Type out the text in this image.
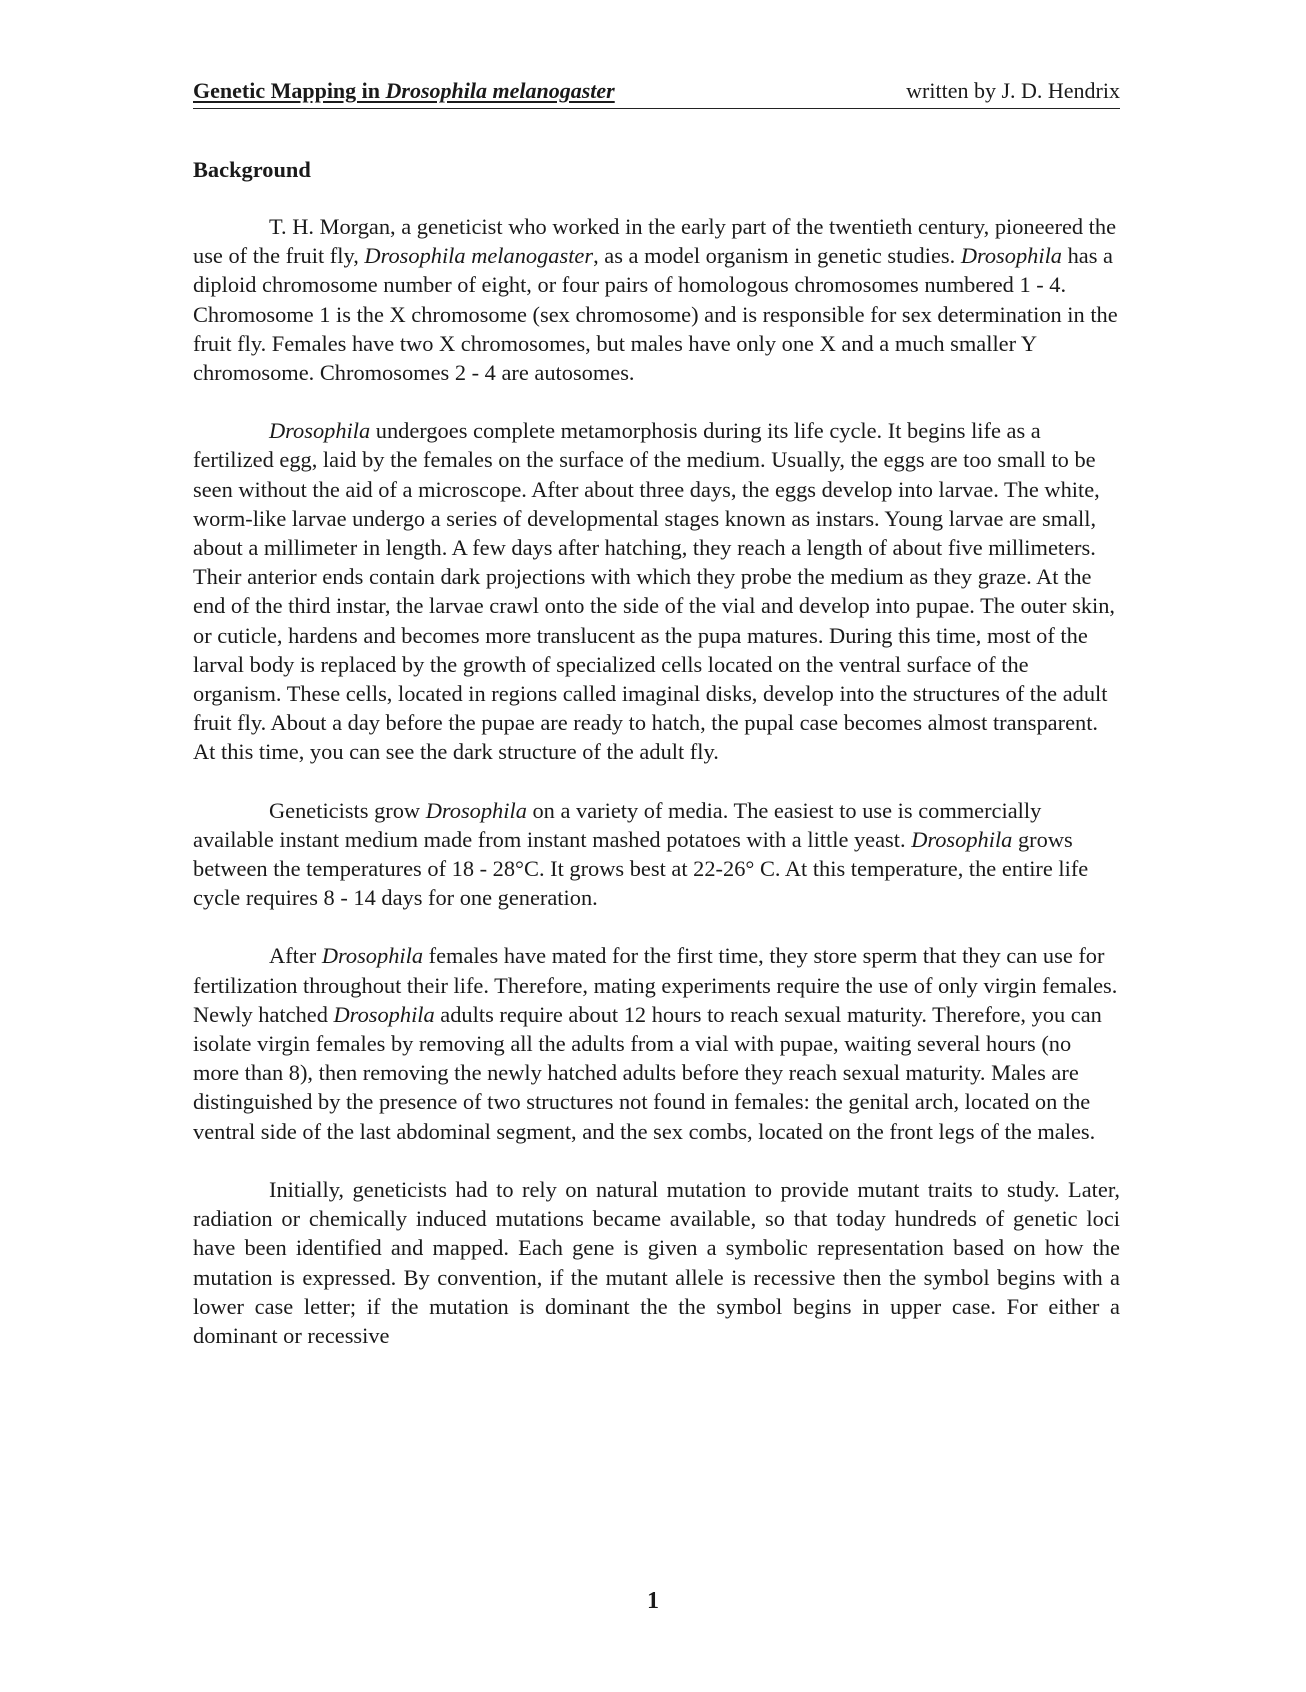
Genetic Mapping in Drosophila melanogaster	written by J. D. Hendrix
Background

T. H. Morgan, a geneticist who worked in the early part of the twentieth century, pioneered the use of the fruit fly, Drosophila melanogaster, as a model organism in genetic studies. Drosophila has a diploid chromosome number of eight, or four pairs of homologous chromosomes numbered 1 - 4. Chromosome 1 is the X chromosome (sex chromosome) and is responsible for sex determination in the fruit fly. Females have two X chromosomes, but males have only one X and a much smaller Y chromosome. Chromosomes 2 - 4 are autosomes.

Drosophila undergoes complete metamorphosis during its life cycle. It begins life as a fertilized egg, laid by the females on the surface of the medium. Usually, the eggs are too small to be seen without the aid of a microscope. After about three days, the eggs develop into larvae. The white, worm-like larvae undergo a series of developmental stages known as instars. Young larvae are small, about a millimeter in length. A few days after hatching, they reach a length of about five millimeters. Their anterior ends contain dark projections with which they probe the medium as they graze. At the end of the third instar, the larvae crawl onto the side of the vial and develop into pupae. The outer skin, or cuticle, hardens and becomes more translucent as the pupa matures. During this time, most of the larval body is replaced by the growth of specialized cells located on the ventral surface of the organism. These cells, located in regions called imaginal disks, develop into the structures of the adult fruit fly. About a day before the pupae are ready to hatch, the pupal case becomes almost transparent. At this time, you can see the dark structure of the adult fly.

Geneticists grow Drosophila on a variety of media. The easiest to use is commercially available instant medium made from instant mashed potatoes with a little yeast. Drosophila grows between the temperatures of 18 - 28°C. It grows best at 22-26° C. At this temperature, the entire life cycle requires 8 - 14 days for one generation.

After Drosophila females have mated for the first time, they store sperm that they can use for fertilization throughout their life. Therefore, mating experiments require the use of only virgin females. Newly hatched Drosophila adults require about 12 hours to reach sexual maturity. Therefore, you can isolate virgin females by removing all the adults from a vial with pupae, waiting several hours (no more than 8), then removing the newly hatched adults before they reach sexual maturity. Males are distinguished by the presence of two structures not found in females: the genital arch, located on the ventral side of the last abdominal segment, and the sex combs, located on the front legs of the males.

Initially, geneticists had to rely on natural mutation to provide mutant traits to study. Later, radiation or chemically induced mutations became available, so that today hundreds of genetic loci have been identified and mapped. Each gene is given a symbolic representation based on how the mutation is expressed. By convention, if the mutant allele is recessive then the symbol begins with a lower case letter; if the mutation is dominant the the symbol begins in upper case. For either a dominant or recessive

1
